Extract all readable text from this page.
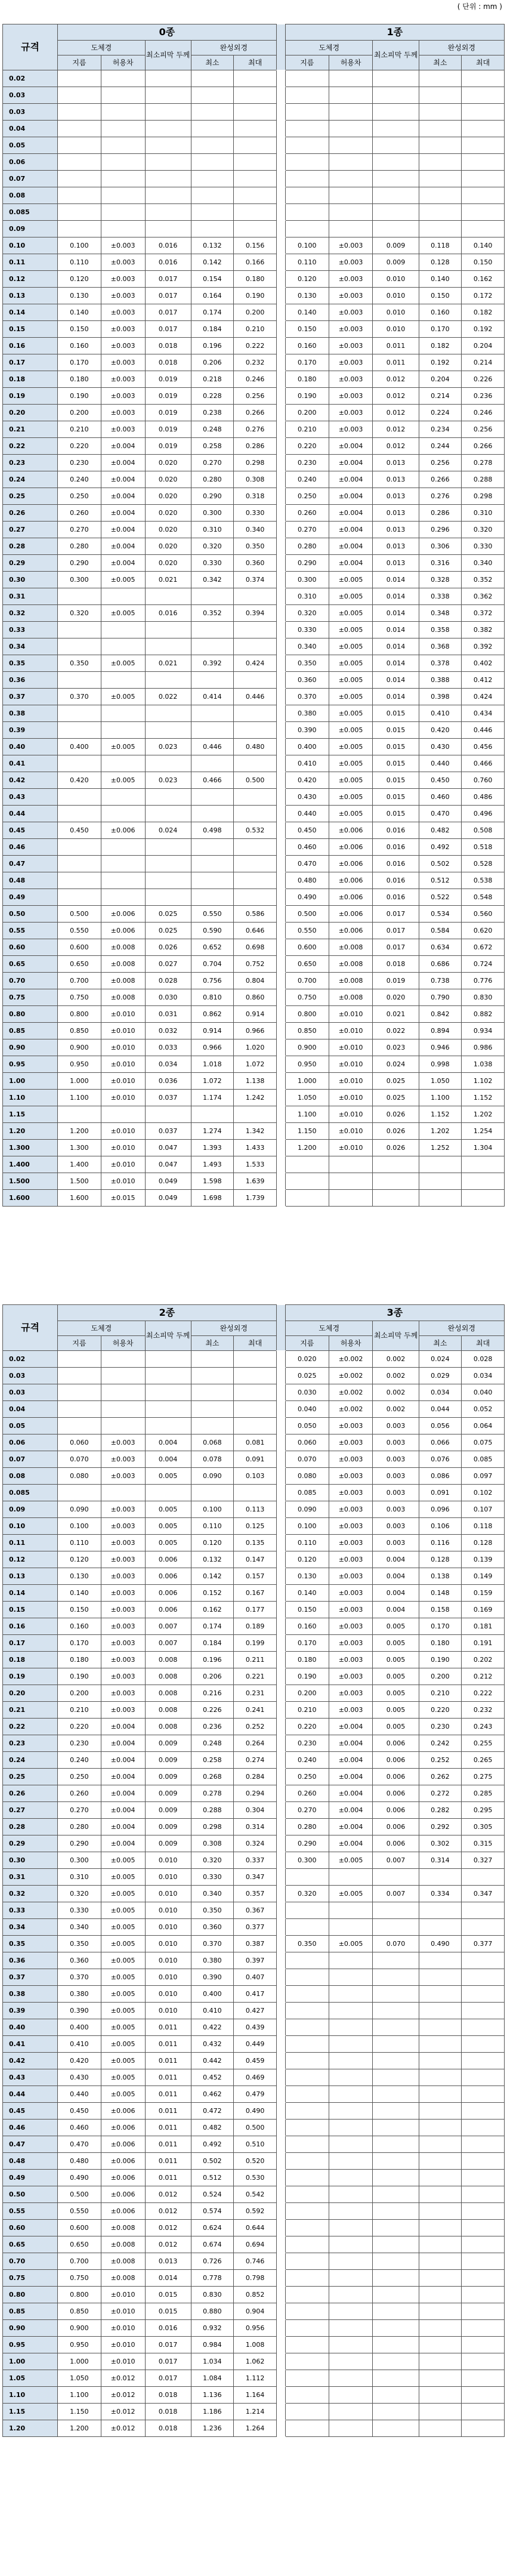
( 단위 : mm )
규격	0종						1종				
	도체경		최소피막 두께	완성외경			도체경		최소피막 두께	완성외경	
	지름	허용차		최소	최대		지름	허용차		최소	최대
0.02											
0.03											
0.03											
0.04											
0.05											
0.06											
0.07											
0.08											
0.085											
0.09											
0.10	0.100	±0.003	0.016	0.132	0.156		0.100	±0.003	0.009	0.118	0.140
0.11	0.110	±0.003	0.016	0.142	0.166		0.110	±0.003	0.009	0.128	0.150
0.12	0.120	±0.003	0.017	0.154	0.180		0.120	±0.003	0.010	0.140	0.162
0.13	0.130	±0.003	0.017	0.164	0.190		0.130	±0.003	0.010	0.150	0.172
0.14	0.140	±0.003	0.017	0.174	0.200		0.140	±0.003	0.010	0.160	0.182
0.15	0.150	±0.003	0.017	0.184	0.210		0.150	±0.003	0.010	0.170	0.192
0.16	0.160	±0.003	0.018	0.196	0.222		0.160	±0.003	0.011	0.182	0.204
0.17	0.170	±0.003	0.018	0.206	0.232		0.170	±0.003	0.011	0.192	0.214
0.18	0.180	±0.003	0.019	0.218	0.246		0.180	±0.003	0.012	0.204	0.226
0.19	0.190	±0.003	0.019	0.228	0.256		0.190	±0.003	0.012	0.214	0.236
0.20	0.200	±0.003	0.019	0.238	0.266		0.200	±0.003	0.012	0.224	0.246
0.21	0.210	±0.003	0.019	0.248	0.276		0.210	±0.003	0.012	0.234	0.256
0.22	0.220	±0.004	0.019	0.258	0.286		0.220	±0.004	0.012	0.244	0.266
0.23	0.230	±0.004	0.020	0.270	0.298		0.230	±0.004	0.013	0.256	0.278
0.24	0.240	±0.004	0.020	0.280	0.308		0.240	±0.004	0.013	0.266	0.288
0.25	0.250	±0.004	0.020	0.290	0.318		0.250	±0.004	0.013	0.276	0.298
0.26	0.260	±0.004	0.020	0.300	0.330		0.260	±0.004	0.013	0.286	0.310
0.27	0.270	±0.004	0.020	0.310	0.340		0.270	±0.004	0.013	0.296	0.320
0.28	0.280	±0.004	0.020	0.320	0.350		0.280	±0.004	0.013	0.306	0.330
0.29	0.290	±0.004	0.020	0.330	0.360		0.290	±0.004	0.013	0.316	0.340
0.30	0.300	±0.005	0.021	0.342	0.374		0.300	±0.005	0.014	0.328	0.352
0.31							0.310	±0.005	0.014	0.338	0.362
0.32	0.320	±0.005	0.016	0.352	0.394		0.320	±0.005	0.014	0.348	0.372
0.33							0.330	±0.005	0.014	0.358	0.382
0.34							0.340	±0.005	0.014	0.368	0.392
0.35	0.350	±0.005	0.021	0.392	0.424		0.350	±0.005	0.014	0.378	0.402
0.36							0.360	±0.005	0.014	0.388	0.412
0.37	0.370	±0.005	0.022	0.414	0.446		0.370	±0.005	0.014	0.398	0.424
0.38							0.380	±0.005	0.015	0.410	0.434
0.39							0.390	±0.005	0.015	0.420	0.446
0.40	0.400	±0.005	0.023	0.446	0.480		0.400	±0.005	0.015	0.430	0.456
0.41							0.410	±0.005	0.015	0.440	0.466
0.42	0.420	±0.005	0.023	0.466	0.500		0.420	±0.005	0.015	0.450	0.760
0.43							0.430	±0.005	0.015	0.460	0.486
0.44							0.440	±0.005	0.015	0.470	0.496
0.45	0.450	±0.006	0.024	0.498	0.532		0.450	±0.006	0.016	0.482	0.508
0.46							0.460	±0.006	0.016	0.492	0.518
0.47							0.470	±0.006	0.016	0.502	0.528
0.48							0.480	±0.006	0.016	0.512	0.538
0.49							0.490	±0.006	0.016	0.522	0.548
0.50	0.500	±0.006	0.025	0.550	0.586		0.500	±0.006	0.017	0.534	0.560
0.55	0.550	±0.006	0.025	0.590	0.646		0.550	±0.006	0.017	0.584	0.620
0.60	0.600	±0.008	0.026	0.652	0.698		0.600	±0.008	0.017	0.634	0.672
0.65	0.650	±0.008	0.027	0.704	0.752		0.650	±0.008	0.018	0.686	0.724
0.70	0.700	±0.008	0.028	0.756	0.804		0.700	±0.008	0.019	0.738	0.776
0.75	0.750	±0.008	0.030	0.810	0.860		0.750	±0.008	0.020	0.790	0.830
0.80	0.800	±0.010	0.031	0.862	0.914		0.800	±0.010	0.021	0.842	0.882
0.85	0.850	±0.010	0.032	0.914	0.966		0.850	±0.010	0.022	0.894	0.934
0.90	0.900	±0.010	0.033	0.966	1.020		0.900	±0.010	0.023	0.946	0.986
0.95	0.950	±0.010	0.034	1.018	1.072		0.950	±0.010	0.024	0.998	1.038
1.00	1.000	±0.010	0.036	1.072	1.138		1.000	±0.010	0.025	1.050	1.102
1.10	1.100	±0.010	0.037	1.174	1.242		1.050	±0.010	0.025	1.100	1.152
1.15							1.100	±0.010	0.026	1.152	1.202
1.20	1.200	±0.010	0.037	1.274	1.342		1.150	±0.010	0.026	1.202	1.254
1.300	1.300	±0.010	0.047	1.393	1.433		1.200	±0.010	0.026	1.252	1.304
1.400	1.400	±0.010	0.047	1.493	1.533						
1.500	1.500	±0.010	0.049	1.598	1.639						
1.600	1.600	±0.015	0.049	1.698	1.739						
규격	2종						3종				
	도체경		최소피막 두께	완성외경			도체경		최소피막 두께	완성외경	
	지름	허용차		최소	최대		지름	허용차		최소	최대
0.02							0.020	±0.002	0.002	0.024	0.028
0.03							0.025	±0.002	0.002	0.029	0.034
0.03							0.030	±0.002	0.002	0.034	0.040
0.04							0.040	±0.002	0.002	0.044	0.052
0.05							0.050	±0.003	0.003	0.056	0.064
0.06	0.060	±0.003	0.004	0.068	0.081		0.060	±0.003	0.003	0.066	0.075
0.07	0.070	±0.003	0.004	0.078	0.091		0.070	±0.003	0.003	0.076	0.085
0.08	0.080	±0.003	0.005	0.090	0.103		0.080	±0.003	0.003	0.086	0.097
0.085							0.085	±0.003	0.003	0.091	0.102
0.09	0.090	±0.003	0.005	0.100	0.113		0.090	±0.003	0.003	0.096	0.107
0.10	0.100	±0.003	0.005	0.110	0.125		0.100	±0.003	0.003	0.106	0.118
0.11	0.110	±0.003	0.005	0.120	0.135		0.110	±0.003	0.003	0.116	0.128
0.12	0.120	±0.003	0.006	0.132	0.147		0.120	±0.003	0.004	0.128	0.139
0.13	0.130	±0.003	0.006	0.142	0.157		0.130	±0.003	0.004	0.138	0.149
0.14	0.140	±0.003	0.006	0.152	0.167		0.140	±0.003	0.004	0.148	0.159
0.15	0.150	±0.003	0.006	0.162	0.177		0.150	±0.003	0.004	0.158	0.169
0.16	0.160	±0.003	0.007	0.174	0.189		0.160	±0.003	0.005	0.170	0.181
0.17	0.170	±0.003	0.007	0.184	0.199		0.170	±0.003	0.005	0.180	0.191
0.18	0.180	±0.003	0.008	0.196	0.211		0.180	±0.003	0.005	0.190	0.202
0.19	0.190	±0.003	0.008	0.206	0.221		0.190	±0.003	0.005	0.200	0.212
0.20	0.200	±0.003	0.008	0.216	0.231		0.200	±0.003	0.005	0.210	0.222
0.21	0.210	±0.003	0.008	0.226	0.241		0.210	±0.003	0.005	0.220	0.232
0.22	0.220	±0.004	0.008	0.236	0.252		0.220	±0.004	0.005	0.230	0.243
0.23	0.230	±0.004	0.009	0.248	0.264		0.230	±0.004	0.006	0.242	0.255
0.24	0.240	±0.004	0.009	0.258	0.274		0.240	±0.004	0.006	0.252	0.265
0.25	0.250	±0.004	0.009	0.268	0.284		0.250	±0.004	0.006	0.262	0.275
0.26	0.260	±0.004	0.009	0.278	0.294		0.260	±0.004	0.006	0.272	0.285
0.27	0.270	±0.004	0.009	0.288	0.304		0.270	±0.004	0.006	0.282	0.295
0.28	0.280	±0.004	0.009	0.298	0.314		0.280	±0.004	0.006	0.292	0.305
0.29	0.290	±0.004	0.009	0.308	0.324		0.290	±0.004	0.006	0.302	0.315
0.30	0.300	±0.005	0.010	0.320	0.337		0.300	±0.005	0.007	0.314	0.327
0.31	0.310	±0.005	0.010	0.330	0.347						
0.32	0.320	±0.005	0.010	0.340	0.357		0.320	±0.005	0.007	0.334	0.347
0.33	0.330	±0.005	0.010	0.350	0.367						
0.34	0.340	±0.005	0.010	0.360	0.377						
0.35	0.350	±0.005	0.010	0.370	0.387		0.350	±0.005	0.070	0.490	0.377
0.36	0.360	±0.005	0.010	0.380	0.397						
0.37	0.370	±0.005	0.010	0.390	0.407						
0.38	0.380	±0.005	0.010	0.400	0.417						
0.39	0.390	±0.005	0.010	0.410	0.427						
0.40	0.400	±0.005	0.011	0.422	0.439						
0.41	0.410	±0.005	0.011	0.432	0.449						
0.42	0.420	±0.005	0.011	0.442	0.459						
0.43	0.430	±0.005	0.011	0.452	0.469						
0.44	0.440	±0.005	0.011	0.462	0.479						
0.45	0.450	±0.006	0.011	0.472	0.490						
0.46	0.460	±0.006	0.011	0.482	0.500						
0.47	0.470	±0.006	0.011	0.492	0.510						
0.48	0.480	±0.006	0.011	0.502	0.520						
0.49	0.490	±0.006	0.011	0.512	0.530						
0.50	0.500	±0.006	0.012	0.524	0.542						
0.55	0.550	±0.006	0.012	0.574	0.592						
0.60	0.600	±0.008	0.012	0.624	0.644						
0.65	0.650	±0.008	0.012	0.674	0.694						
0.70	0.700	±0.008	0.013	0.726	0.746						
0.75	0.750	±0.008	0.014	0.778	0.798						
0.80	0.800	±0.010	0.015	0.830	0.852						
0.85	0.850	±0.010	0.015	0.880	0.904						
0.90	0.900	±0.010	0.016	0.932	0.956						
0.95	0.950	±0.010	0.017	0.984	1.008						
1.00	1.000	±0.010	0.017	1.034	1.062						
1.05	1.050	±0.012	0.017	1.084	1.112						
1.10	1.100	±0.012	0.018	1.136	1.164						
1.15	1.150	±0.012	0.018	1.186	1.214						
1.20	1.200	±0.012	0.018	1.236	1.264						
